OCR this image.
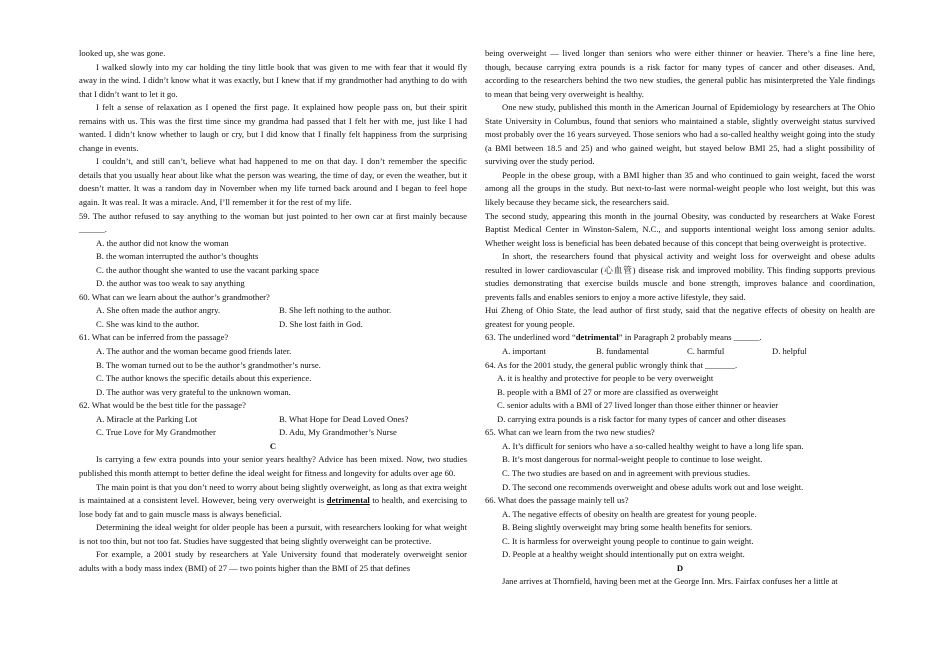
looked up, she was gone.

I walked slowly into my car holding the tiny little book that was given to me with fear that it would fly away in the wind. I didn’t know what it was exactly, but I knew that if my grandmother had anything to do with that I didn’t want to let it go.

I felt a sense of relaxation as I opened the first page. It explained how people pass on, but their spirit remains with us. This was the first time since my grandma had passed that I felt her with me, just like I had wanted. I didn’t know whether to laugh or cry, but I did know that I finally felt happiness from the surprising change in events.

I couldn’t, and still can’t, believe what had happened to me on that day. I don’t remember the specific details that you usually hear about like what the person was wearing, the time of day, or even the weather, but it doesn’t matter. It was a random day in November when my life turned back around and I began to feel hope again. It was real. It was a miracle. And, I’ll remember it for the rest of my life.

59. The author refused to say anything to the woman but just pointed to her own car at first mainly because ______.

A. the author did not know the woman
B. the woman interrupted the author’s thoughts
C. the author thought she wanted to use the vacant parking space
D. the author was too weak to say anything

60. What can we learn about the author’s grandmother?

A. She often made the author angry.	B. She left nothing to the author.
C. She was kind to the author.	D. She lost faith in God.

61. What can be inferred from the passage?

A. The author and the woman became good friends later.
B. The woman turned out to be the author’s grandmother’s nurse.
C. The author knows the specific details about this experience.
D. The author was very grateful to the unknown woman.

62. What would be the best title for the passage?

A. Miracle at the Parking Lot	B. What Hope for Dead Loved Ones?
C. True Love for My Grandmother	D. Adu, My Grandmother’s Nurse
C

Is carrying a few extra pounds into your senior years healthy? Advice has been mixed. Now, two studies published this month attempt to better define the ideal weight for fitness and longevity for adults over age 60.

The main point is that you don’t need to worry about being slightly overweight, as long as that extra weight is maintained at a consistent level. However, being very overweight is detrimental to health, and exercising to lose body fat and to gain muscle mass is always beneficial.

Determining the ideal weight for older people has been a pursuit, with researchers looking for what weight is not too thin, but not too fat. Studies have suggested that being slightly overweight can be protective.

For example, a 2001 study by researchers at Yale University found that moderately overweight senior adults with a body mass index (BMI) of 27 — two points higher than the BMI of 25 that defines

being overweight — lived longer than seniors who were either thinner or heavier. There’s a fine line here, though, because carrying extra pounds is a risk factor for many types of cancer and other diseases. And, according to the researchers behind the two new studies, the general public has misinterpreted the Yale findings to mean that being very overweight is healthy.

One new study, published this month in the American Journal of Epidemiology by researchers at The Ohio State University in Columbus, found that seniors who maintained a stable, slightly overweight status survived most probably over the 16 years surveyed. Those seniors who had a so-called healthy weight going into the study (a BMI between 18.5 and 25) and who gained weight, but stayed below BMI 25, had a slight possibility of surviving over the study period.

People in the obese group, with a BMI higher than 35 and who continued to gain weight, faced the worst among all the groups in the study. But next-to-last were normal-weight people who lost weight, but this was likely because they became sick, the researchers said.

The second study, appearing this month in the journal Obesity, was conducted by researchers at Wake Forest Baptist Medical Center in Winston-Salem, N.C., and supports intentional weight loss among senior adults. Whether weight loss is beneficial has been debated because of this concept that being overweight is protective.

In short, the researchers found that physical activity and weight loss for overweight and obese adults resulted in lower cardiovascular (心血管) disease risk and improved mobility. This finding supports previous studies demonstrating that exercise builds muscle and bone strength, improves balance and coordination, prevents falls and enables seniors to enjoy a more active lifestyle, they said.

Hui Zheng of Ohio State, the lead author of first study, said that the negative effects of obesity on health are greatest for young people.

63. The underlined word “detrimental” in Paragraph 2 probably means ______.

A. important	B. fundamental	C. harmful	D. helpful

64. As for the 2001 study, the general public wrongly think that _______.

A. it is healthy and protective for people to be very overweight
B. people with a BMI of 27 or more are classified as overweight
C. senior adults with a BMI of 27 lived longer than those either thinner or heavier
D. carrying extra pounds is a risk factor for many types of cancer and other diseases

65. What can we learn from the two new studies?

A. It’s difficult for seniors who have a so-called healthy weight to have a long life span.
B. It’s most dangerous for normal-weight people to continue to lose weight.
C. The two studies are based on and in agreement with previous studies.
D. The second one recommends overweight and obese adults work out and lose weight.

66. What does the passage mainly tell us?

A. The negative effects of obesity on health are greatest for young people.
B. Being slightly overweight may bring some health benefits for seniors.
C. It is harmless for overweight young people to continue to gain weight.
D. People at a healthy weight should intentionally put on extra weight.
D

Jane arrives at Thornfield, having been met at the George Inn. Mrs. Fairfax confuses her a little at
